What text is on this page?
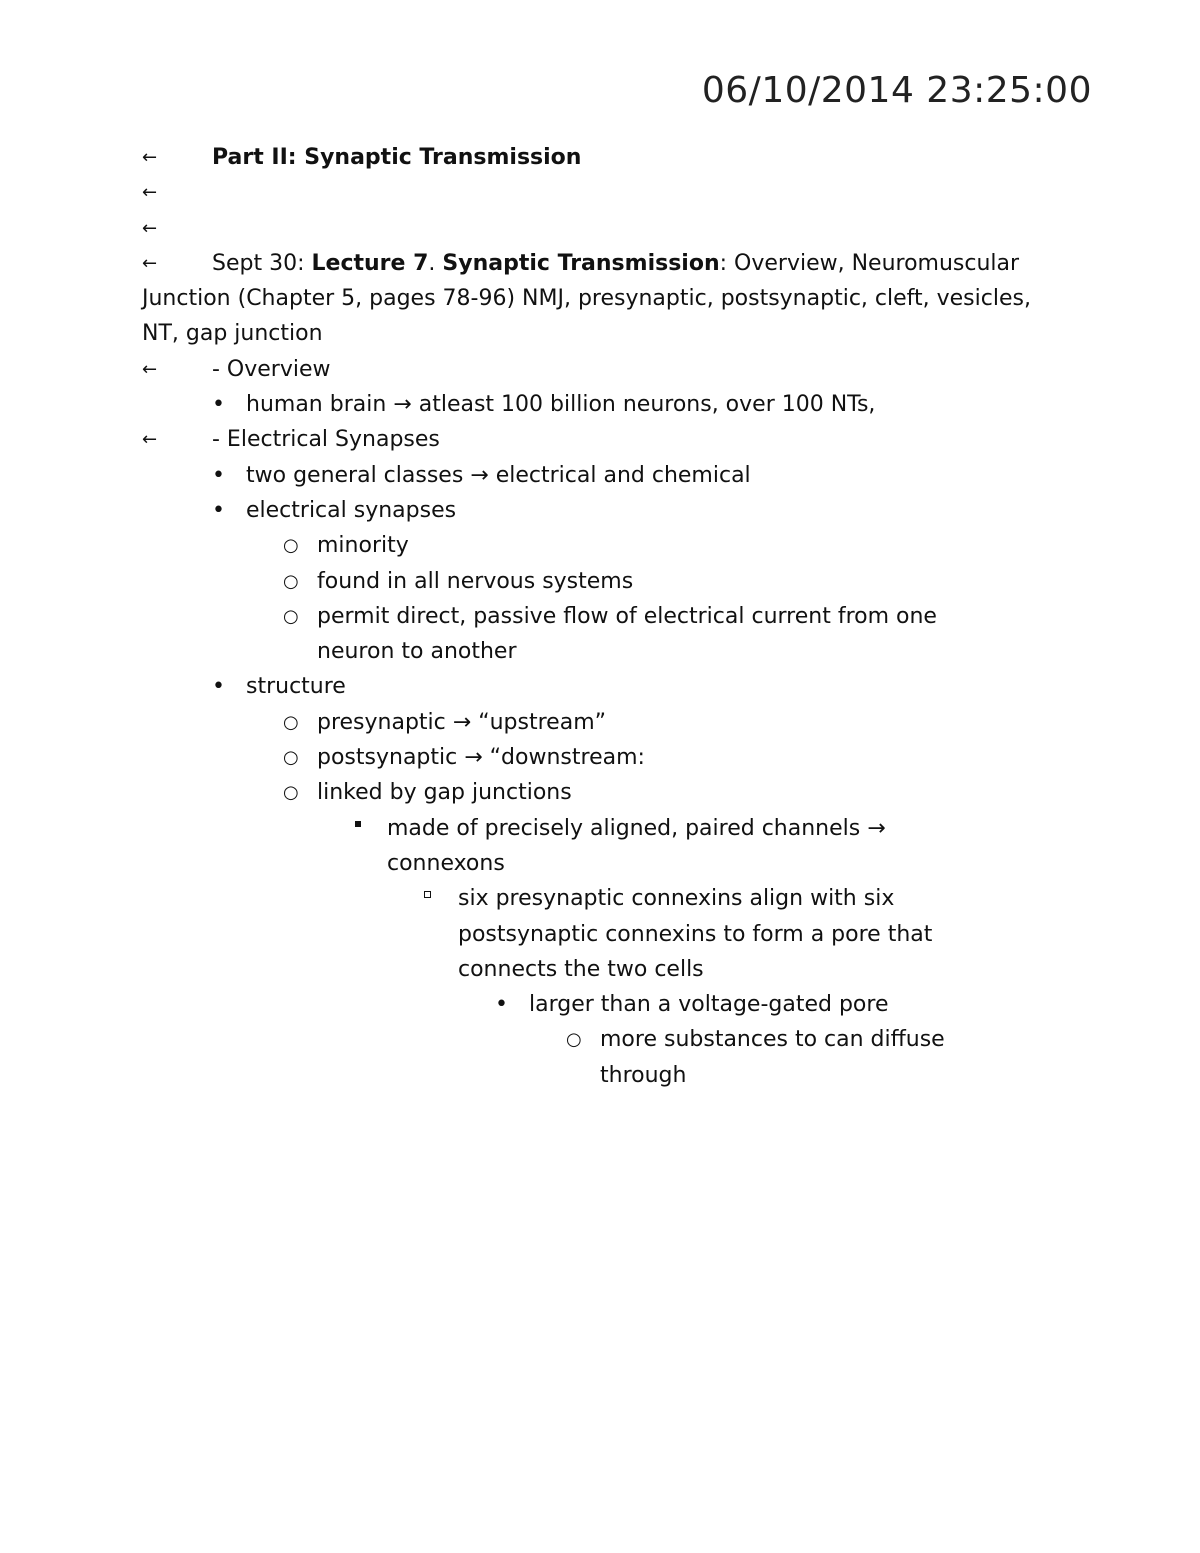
06/10/2014 23:25:00
←	Part II: Synaptic Transmission
←

←

←	Sept 30: Lecture 7. Synaptic Transmission: Overview, Neuromuscular Junction (Chapter 5, pages 78-96) NMJ, presynaptic, postsynaptic, cleft, vesicles, NT, gap junction
←	- Overview
• human brain → atleast 100 billion neurons, over 100 NTs,
←	- Electrical Synapses
• two general classes → electrical and chemical
• electrical synapses
○ minority
○ found in all nervous systems
○ permit direct, passive flow of electrical current from one neuron to another
• structure
○ presynaptic → “upstream”
○ postsynaptic → “downstream:
○ linked by gap junctions
made of precisely aligned, paired channels → connexons
six presynaptic connexins align with six postsynaptic connexins to form a pore that connects the two cells
• larger than a voltage-gated pore
○ more substances to can diffuse through
